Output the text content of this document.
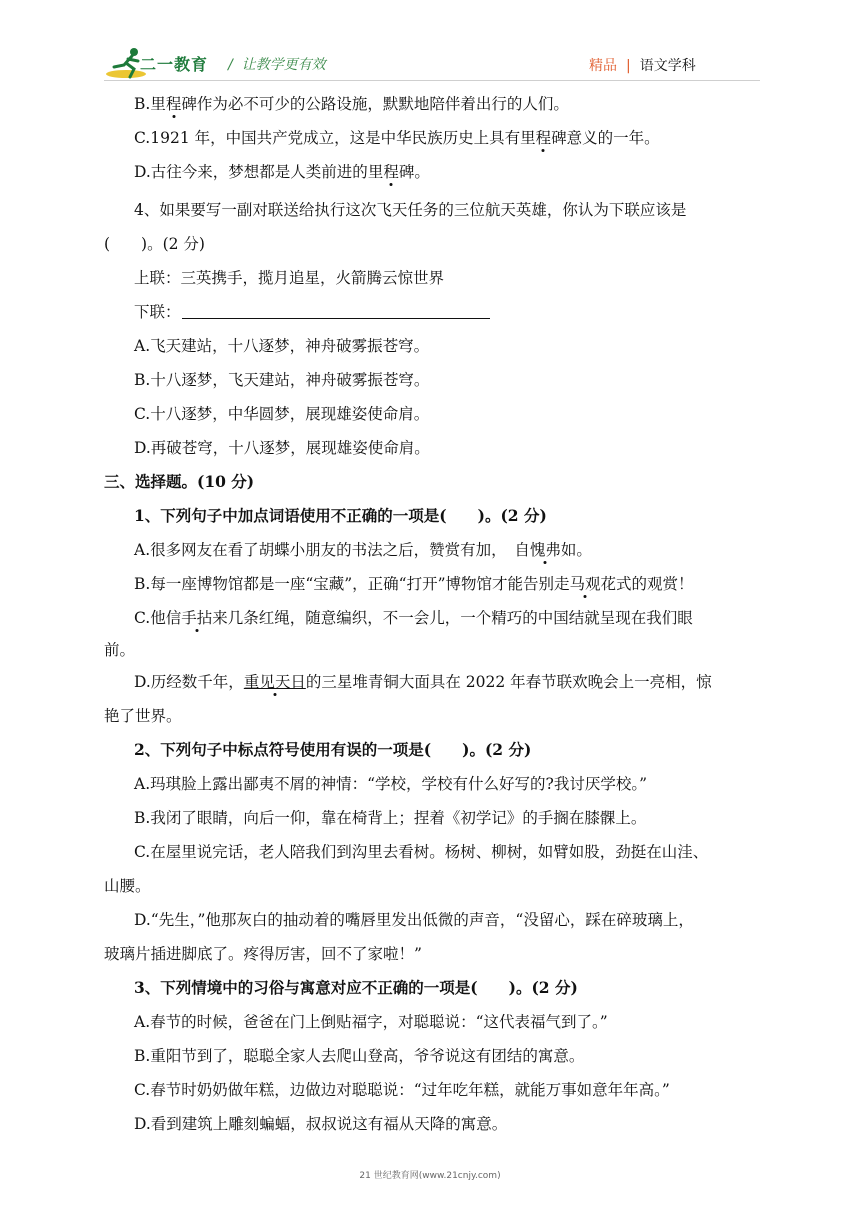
二一教育 /  让教学更有效	精品 | 语文学科
B.里程碑作为必不可少的公路设施，默默地陪伴着出行的人们。
C.1921 年，中国共产党成立，这是中华民族历史上具有里程碑意义的一年。
D.古往今来，梦想都是人类前进的里程碑。
4、如果要写一副对联送给执行这次飞天任务的三位航天英雄，你认为下联应该是
(　　)。(2 分)
上联：三英携手，揽月追星，火箭腾云惊世界
下联：
A.飞天建站，十八逐梦，神舟破雾振苍穹。
B.十八逐梦，飞天建站，神舟破雾振苍穹。
C.十八逐梦，中华圆梦，展现雄姿使命肩。
D.再破苍穹，十八逐梦，展现雄姿使命肩。
三、选择题。(10 分)
1、下列句子中加点词语使用不正确的一项是(　　)。(2 分)
A.很多网友在看了胡蝶小朋友的书法之后，赞赏有加，　自愧弗如。
B.每一座博物馆都是一座“宝藏”，正确“打开”博物馆才能告别走马观花式的观赏！
C.他信手拈来几条红绳，随意编织，不一会儿，一个精巧的中国结就呈现在我们眼
前。
D.历经数千年，重见天日的三星堆青铜大面具在 2022 年春节联欢晚会上一亮相，惊
艳了世界。
2、下列句子中标点符号使用有误的一项是(　　)。(2 分)
A.玛琪脸上露出鄙夷不屑的神情：“学校，学校有什么好写的?我讨厌学校。”
B.我闭了眼睛，向后一仰，靠在椅背上；捏着《初学记》的手搁在膝髁上。
C.在屋里说完话，老人陪我们到沟里去看树。杨树、柳树，如臂如股，劲挺在山洼、
山腰。
D.“先生，”他那灰白的抽动着的嘴唇里发出低微的声音，“没留心，踩在碎玻璃上，
玻璃片插进脚底了。疼得厉害，回不了家啦！”
3、下列情境中的习俗与寓意对应不正确的一项是(　　)。(2 分)
A.春节的时候，爸爸在门上倒贴福字，对聪聪说：“这代表福气到了。”
B.重阳节到了，聪聪全家人去爬山登高，爷爷说这有团结的寓意。
C.春节时奶奶做年糕，边做边对聪聪说：“过年吃年糕，就能万事如意年年高。”
D.看到建筑上雕刻蝙蝠，叔叔说这有福从天降的寓意。
21 世纪教育网(www.21cnjy.com)
